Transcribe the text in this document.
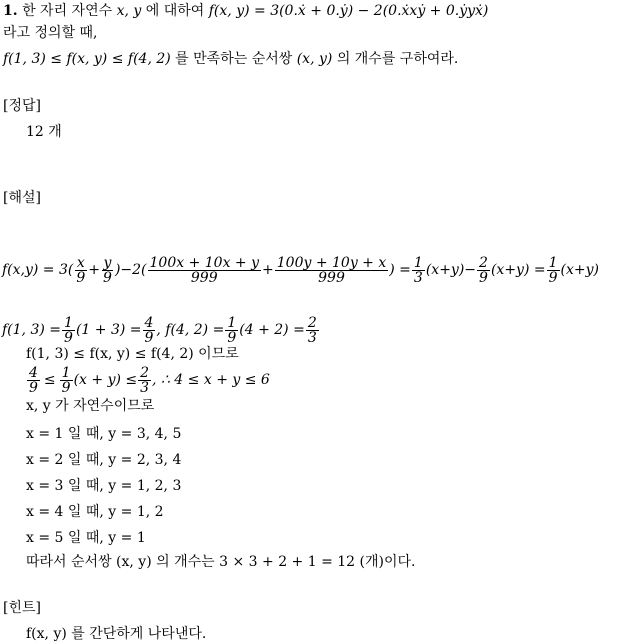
1. 한 자리 자연수 x, y 에 대하여 f(x, y) = 3(0.ẋ + 0.ẏ) − 2(0.ẋxẏ + 0.ẏyẋ)
라고 정의할 때,
f(1, 3) ≤ f(x, y) ≤ f(4, 2) 를 만족하는 순서쌍 (x, y) 의 개수를 구하여라.
[정답]
12 개
[해설]
$f(x,y) = 3( \frac{x}{9} + \frac{y}{9} )-2( \frac{100x + 10x + y}{999} + \frac{100y + 10y + x}{999}$ ) = $\frac{1}{3} (x+y)- \frac{2}{9} (x+y) = \frac{1}{9} (x+y)$
f(1, $3) = \frac{1}{9} (1 + 3) = \frac{4}{9}$ , f(4, $2) = \frac{1}{9} (4 + 2) = \frac{2}{3}$
f(1, 3) ≤ f(x, y) ≤ f(4, 2) 이므로
$\frac{4}{9} \le \frac{1}{9} (x + y) \le \frac{2}{3}$ , ∴ 4 ≤ x + y ≤ 6
x, y 가 자연수이므로
x = 1 일 때, y = 3, 4, 5
x = 2 일 때, y = 2, 3, 4
x = 3 일 때, y = 1, 2, 3
x = 4 일 때, y = 1, 2
x = 5 일 때, y = 1
따라서 순서쌍 (x, y) 의 개수는 3 × 3 + 2 + 1 = 12 (개)이다.
[힌트]
f(x, y) 를 간단하게 나타낸다.
